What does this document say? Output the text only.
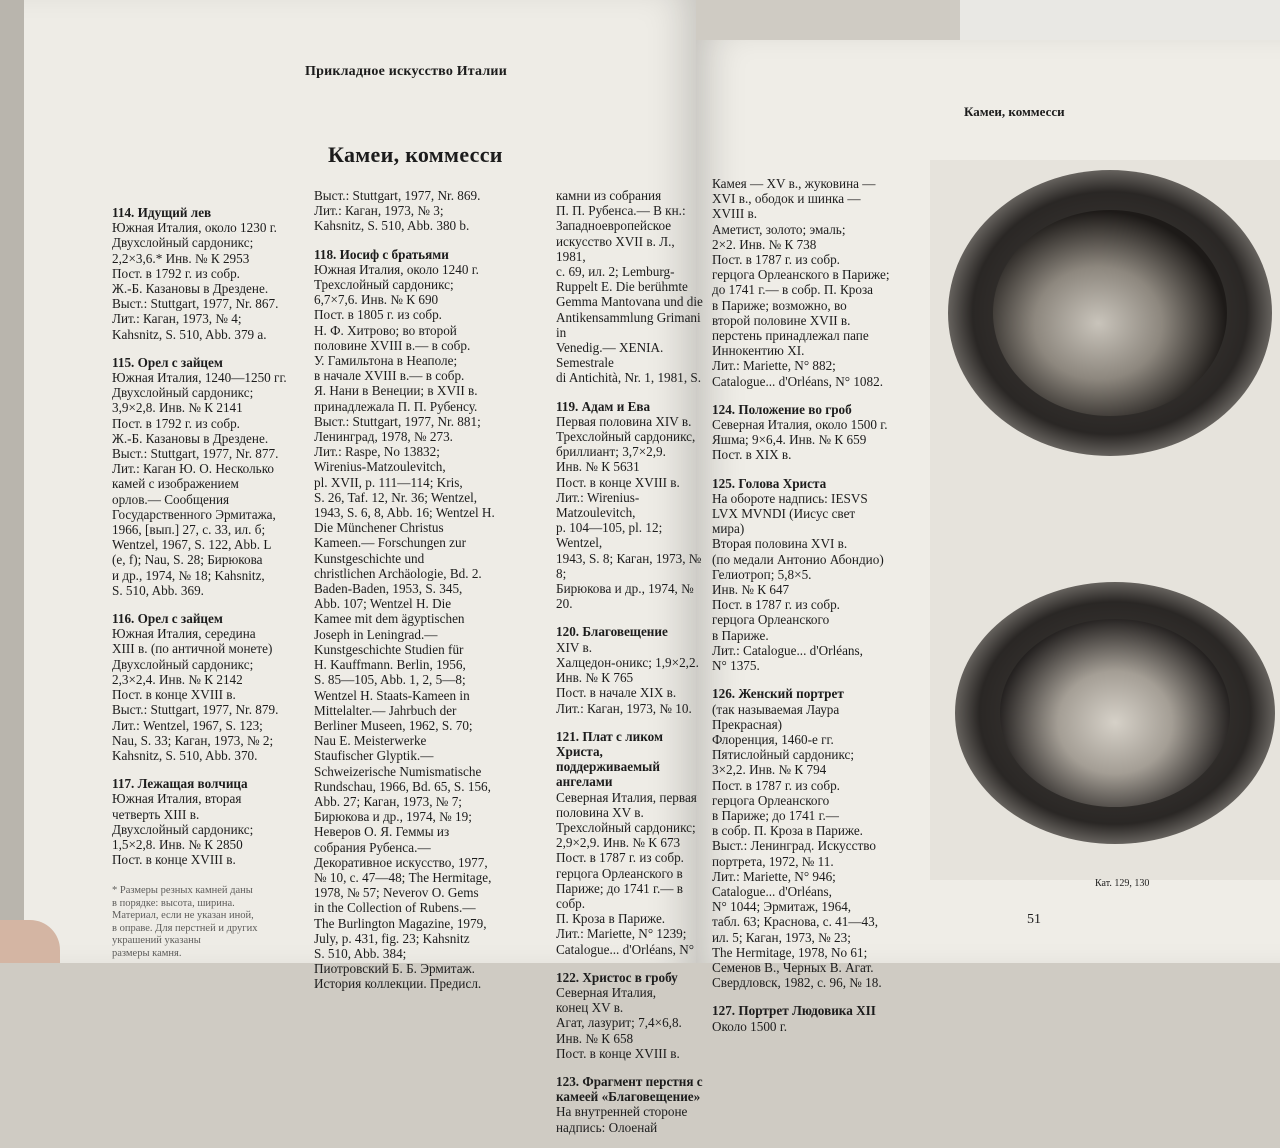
Прикладное искусство Италии
Камеи, коммесси
Камеи, коммесси

114. Идущий лев

Южная Италия, около 1230 г.

Двухслойный сардоникс;

2,2×3,6.* Инв. № К 2953

Пост. в 1792 г. из собр.

Ж.-Б. Казановы в Дрездене.

Выст.: Stuttgart, 1977, Nr. 867.

Лит.: Каган, 1973, № 4;

Kahsnitz, S. 510, Abb. 379 a.

115. Орел с зайцем

Южная Италия, 1240—1250 гг.

Двухслойный сардоникс;

3,9×2,8. Инв. № К 2141

Пост. в 1792 г. из собр.

Ж.-Б. Казановы в Дрездене.

Выст.: Stuttgart, 1977, Nr. 877.

Лит.: Каган Ю. О. Несколько

камей с изображением

орлов.— Сообщения

Государственного Эрмитажа,

1966, [вып.] 27, с. 33, ил. б;

Wentzel, 1967, S. 122, Abb. L

(e, f); Nau, S. 28; Бирюкова

и др., 1974, № 18; Kahsnitz,

S. 510, Abb. 369.

116. Орел с зайцем

Южная Италия, середина

XIII в. (по античной монете)

Двухслойный сардоникс;

2,3×2,4. Инв. № К 2142

Пост. в конце XVIII в.

Выст.: Stuttgart, 1977, Nr. 879.

Лит.: Wentzel, 1967, S. 123;

Nau, S. 33; Каган, 1973, № 2;

Kahsnitz, S. 510, Abb. 370.

117. Лежащая волчица

Южная Италия, вторая

четверть XIII в.

Двухслойный сардоникс;

1,5×2,8. Инв. № К 2850

Пост. в конце XVIII в.

* Размеры резных камней даны

в порядке: высота, ширина.

Материал, если не указан иной,

в оправе. Для перстней и других

украшений указаны

размеры камня.

Выст.: Stuttgart, 1977, Nr. 869.

Лит.: Каган, 1973, № 3;

Kahsnitz, S. 510, Abb. 380 b.

118. Иосиф с братьями

Южная Италия, около 1240 г.

Трехслойный сардоникс;

6,7×7,6. Инв. № К 690

Пост. в 1805 г. из собр.

Н. Ф. Хитрово; во второй

половине XVIII в.— в собр.

У. Гамильтона в Неаполе;

в начале XVIII в.— в собр.

Я. Нани в Венеции; в XVII в.

принадлежала П. П. Рубенсу.

Выст.: Stuttgart, 1977, Nr. 881;

Ленинград, 1978, № 273.

Лит.: Raspe, No 13832;

Wirenius-Matzoulevitch,

pl. XVII, p. 111—114; Kris,

S. 26, Taf. 12, Nr. 36; Wentzel,

1943, S. 6, 8, Abb. 16; Wentzel H.

Die Münchener Christus

Kameen.— Forschungen zur

Kunstgeschichte und

christlichen Archäologie, Bd. 2.

Baden-Baden, 1953, S. 345,

Abb. 107; Wentzel H. Die

Kamee mit dem ägyptischen

Joseph in Leningrad.—

Kunstgeschichte Studien für

H. Kauffmann. Berlin, 1956,

S. 85—105, Abb. 1, 2, 5—8;

Wentzel H. Staats-Kameen in

Mittelalter.— Jahrbuch der

Berliner Museen, 1962, S. 70;

Nau E. Meisterwerke

Staufischer Glyptik.—

Schweizerische Numismatische

Rundschau, 1966, Bd. 65, S. 156,

Abb. 27; Каган, 1973, № 7;

Бирюкова и др., 1974, № 19;

Неверов О. Я. Геммы из

собрания Рубенса.—

Декоративное искусство, 1977,

№ 10, с. 47—48; The Hermitage,

1978, № 57; Neverov O. Gems

in the Collection of Rubens.—

The Burlington Magazine, 1979,

July, p. 431, fig. 23; Kahsnitz

S. 510, Abb. 384;

Пиотровский Б. Б. Эрмитаж.

История коллекции. Предисл.

камни из собрания

П. П. Рубенса.— В кн.:

Западноевропейское

искусство XVII в. Л., 1981,

с. 69, ил. 2; Lemburg-

Ruppelt E. Die berühmte

Gemma Mantovana und die

Antikensammlung Grimani in

Venedig.— XENIA. Semestrale

di Antichità, Nr. 1, 1981, S.

119. Адам и Ева

Первая половина XIV в.

Трехслойный сардоникс,

бриллиант; 3,7×2,9.

Инв. № К 5631

Пост. в конце XVIII в.

Лит.: Wirenius-Matzoulevitch,

p. 104—105, pl. 12; Wentzel,

1943, S. 8; Каган, 1973, № 8;

Бирюкова и др., 1974, № 20.

120. Благовещение

XIV в.

Халцедон-оникс; 1,9×2,2.

Инв. № К 765

Пост. в начале XIX в.

Лит.: Каган, 1973, № 10.

121. Плат с ликом Христа, поддерживаемый ангелами

Северная Италия, первая

половина XV в.

Трехслойный сардоникс;

2,9×2,9. Инв. № К 673

Пост. в 1787 г. из собр.

герцога Орлеанского в

Париже; до 1741 г.— в собр.

П. Кроза в Париже.

Лит.: Mariette, N° 1239;

Catalogue... d'Orléans, N°

122. Христос в гробу

Северная Италия,

конец XV в.

Агат, лазурит; 7,4×6,8.

Инв. № К 658

Пост. в конце XVIII в.

123. Фрагмент перстня с камеей «Благовещение»

На внутренней стороне

надпись: Олоенай

Камея — XV в., жуковина —

XVI в., ободок и шинка —

XVIII в.

Аметист, золото; эмаль;

2×2. Инв. № К 738

Пост. в 1787 г. из собр.

герцога Орлеанского в Париже;

до 1741 г.— в собр. П. Кроза

в Париже; возможно, во

второй половине XVII в.

перстень принадлежал папе

Иннокентию XI.

Лит.: Mariette, N° 882;

Catalogue... d'Orléans, N° 1082.

124. Положение во гроб

Северная Италия, около 1500 г.

Яшма; 9×6,4. Инв. № К 659

Пост. в XIX в.

125. Голова Христа

На обороте надпись: IESVS

LVX MVNDI (Иисус свет

мира)

Вторая половина XVI в.

(по медали Антонио Абондио)

Гелиотроп; 5,8×5.

Инв. № К 647

Пост. в 1787 г. из собр.

герцога Орлеанского

в Париже.

Лит.: Catalogue... d'Orléans,

N° 1375.

126. Женский портрет

(так называемая Лаура

Прекрасная)

Флоренция, 1460-е гг.

Пятислойный сардоникс;

3×2,2. Инв. № К 794

Пост. в 1787 г. из собр.

герцога Орлеанского

в Париже; до 1741 г.—

в собр. П. Кроза в Париже.

Выст.: Ленинград. Искусство

портрета, 1972, № 11.

Лит.: Mariette, N° 946;

Catalogue... d'Orléans,

N° 1044; Эрмитаж, 1964,

табл. 63; Краснова, с. 41—43,

ил. 5; Каган, 1973, № 23;

The Hermitage, 1978, No 61;

Семенов В., Черных В. Агат.

Свердловск, 1982, с. 96, № 18.

127. Портрет Людовика XII

Около 1500 г.

Кат. 129, 130
51
